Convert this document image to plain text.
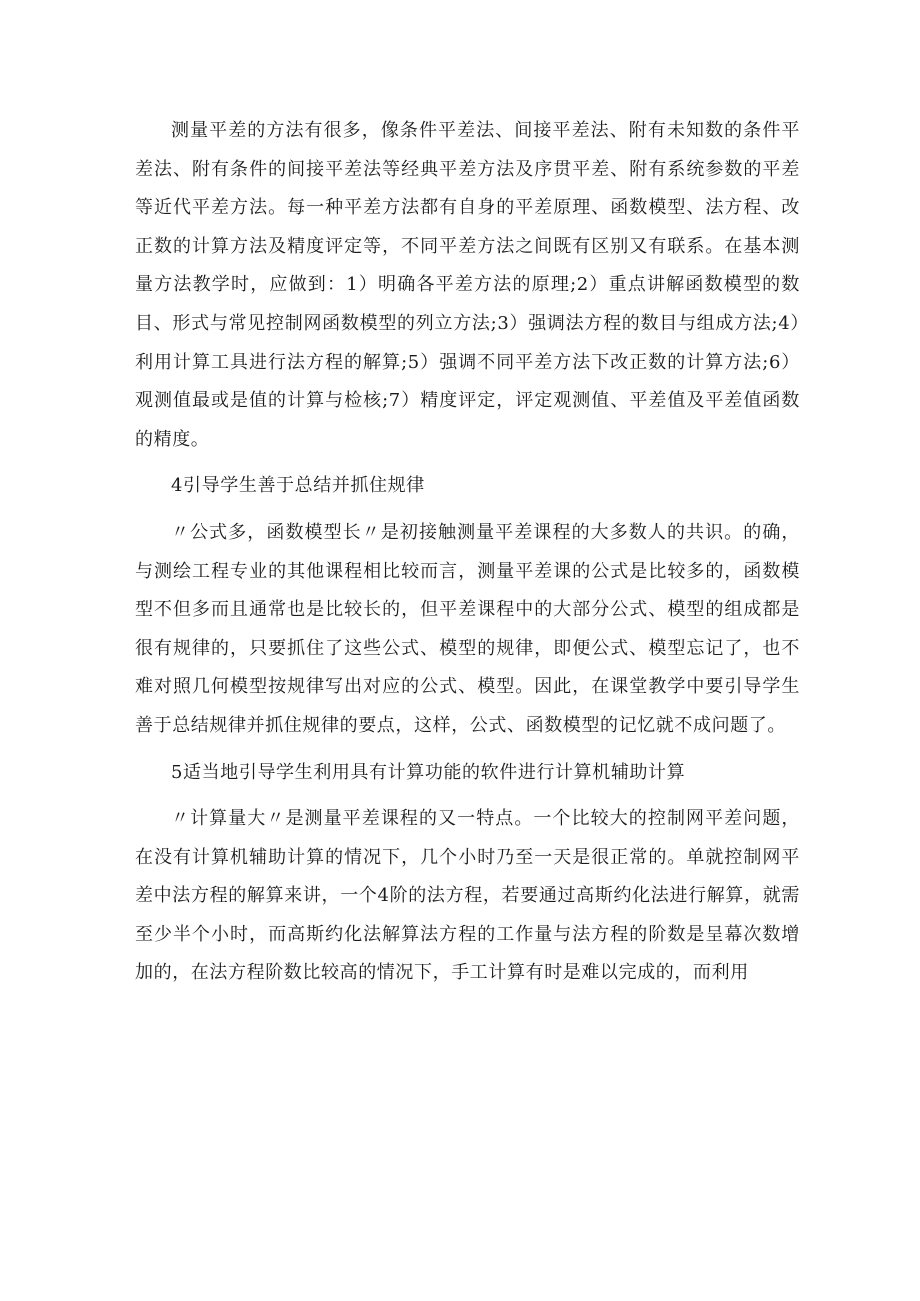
测量平差的方法有很多，像条件平差法、间接平差法、附有未知数的条件平差法、附有条件的间接平差法等经典平差方法及序贯平差、附有系统参数的平差等近代平差方法。每一种平差方法都有自身的平差原理、函数模型、法方程、改正数的计算方法及精度评定等，不同平差方法之间既有区别又有联系。在基本测量方法教学时，应做到：1）明确各平差方法的原理;2）重点讲解函数模型的数目、形式与常见控制网函数模型的列立方法;3）强调法方程的数目与组成方法;4）利用计算工具进行法方程的解算;5）强调不同平差方法下改正数的计算方法;6）观测值最或是值的计算与检核;7）精度评定，评定观测值、平差值及平差值函数的精度。

4引导学生善于总结并抓住规律

〃公式多，函数模型长〃是初接触测量平差课程的大多数人的共识。的确，与测绘工程专业的其他课程相比较而言，测量平差课的公式是比较多的，函数模型不但多而且通常也是比较长的，但平差课程中的大部分公式、模型的组成都是很有规律的，只要抓住了这些公式、模型的规律，即便公式、模型忘记了，也不难对照几何模型按规律写出对应的公式、模型。因此，在课堂教学中要引导学生善于总结规律并抓住规律的要点，这样，公式、函数模型的记忆就不成问题了。

5适当地引导学生利用具有计算功能的软件进行计算机辅助计算

〃计算量大〃是测量平差课程的又一特点。一个比较大的控制网平差问题，在没有计算机辅助计算的情况下，几个小时乃至一天是很正常的。单就控制网平差中法方程的解算来讲，一个4阶的法方程，若要通过高斯约化法进行解算，就需至少半个小时，而高斯约化法解算法方程的工作量与法方程的阶数是呈幕次数增加的，在法方程阶数比较高的情况下，手工计算有时是难以完成的，而利用
